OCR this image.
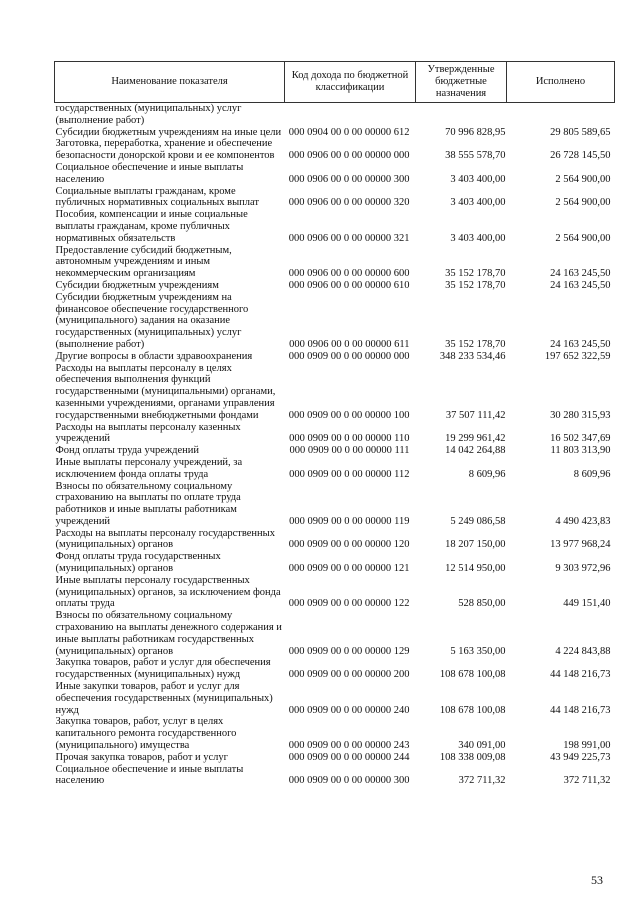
Наименование показателя	Код дохода по бюджетной классификации	Утвержденные бюджетные назначения	Исполнено
государственных (муниципальных) услуг (выполнение работ)			
Субсидии бюджетным учреждениям на иные цели	000 0904 00 0 00 00000 612	70 996 828,95	29 805 589,65
Заготовка, переработка, хранение и обеспечение безопасности донорской крови и ее компонентов	000 0906 00 0 00 00000 000	38 555 578,70	26 728 145,50
Социальное обеспечение и иные выплаты населению	000 0906 00 0 00 00000 300	3 403 400,00	2 564 900,00
Социальные выплаты гражданам, кроме публичных нормативных социальных выплат	000 0906 00 0 00 00000 320	3 403 400,00	2 564 900,00
Пособия, компенсации и иные социальные выплаты гражданам, кроме публичных нормативных обязательств	000 0906 00 0 00 00000 321	3 403 400,00	2 564 900,00
Предоставление субсидий бюджетным, автономным учреждениям и иным некоммерческим организациям	000 0906 00 0 00 00000 600	35 152 178,70	24 163 245,50
Субсидии бюджетным учреждениям	000 0906 00 0 00 00000 610	35 152 178,70	24 163 245,50
Субсидии бюджетным учреждениям на финансовое обеспечение государственного (муниципального) задания на оказание государственных (муниципальных) услуг (выполнение работ)	000 0906 00 0 00 00000 611	35 152 178,70	24 163 245,50
Другие вопросы в области здравоохранения	000 0909 00 0 00 00000 000	348 233 534,46	197 652 322,59
Расходы на выплаты персоналу в целях обеспечения выполнения функций государственными (муниципальными) органами, казенными учреждениями, органами управления государственными внебюджетными фондами	000 0909 00 0 00 00000 100	37 507 111,42	30 280 315,93
Расходы на выплаты персоналу казенных учреждений	000 0909 00 0 00 00000 110	19 299 961,42	16 502 347,69
Фонд оплаты труда учреждений	000 0909 00 0 00 00000 111	14 042 264,88	11 803 313,90
Иные выплаты персоналу учреждений, за исключением фонда оплаты труда	000 0909 00 0 00 00000 112	8 609,96	8 609,96
Взносы по обязательному социальному страхованию на выплаты по оплате труда работников и иные выплаты работникам учреждений	000 0909 00 0 00 00000 119	5 249 086,58	4 490 423,83
Расходы на выплаты персоналу государственных (муниципальных) органов	000 0909 00 0 00 00000 120	18 207 150,00	13 977 968,24
Фонд оплаты труда государственных (муниципальных) органов	000 0909 00 0 00 00000 121	12 514 950,00	9 303 972,96
Иные выплаты персоналу государственных (муниципальных) органов, за исключением фонда оплаты труда	000 0909 00 0 00 00000 122	528 850,00	449 151,40
Взносы по обязательному социальному страхованию на выплаты денежного содержания и иные выплаты работникам государственных (муниципальных) органов	000 0909 00 0 00 00000 129	5 163 350,00	4 224 843,88
Закупка товаров, работ и услуг для обеспечения государственных (муниципальных) нужд	000 0909 00 0 00 00000 200	108 678 100,08	44 148 216,73
Иные закупки товаров, работ и услуг для обеспечения государственных (муниципальных) нужд	000 0909 00 0 00 00000 240	108 678 100,08	44 148 216,73
Закупка товаров, работ, услуг в целях капитального ремонта государственного (муниципального) имущества	000 0909 00 0 00 00000 243	340 091,00	198 991,00
Прочая закупка товаров, работ и услуг	000 0909 00 0 00 00000 244	108 338 009,08	43 949 225,73
Социальное обеспечение и иные выплаты населению	000 0909 00 0 00 00000 300	372 711,32	372 711,32
53
